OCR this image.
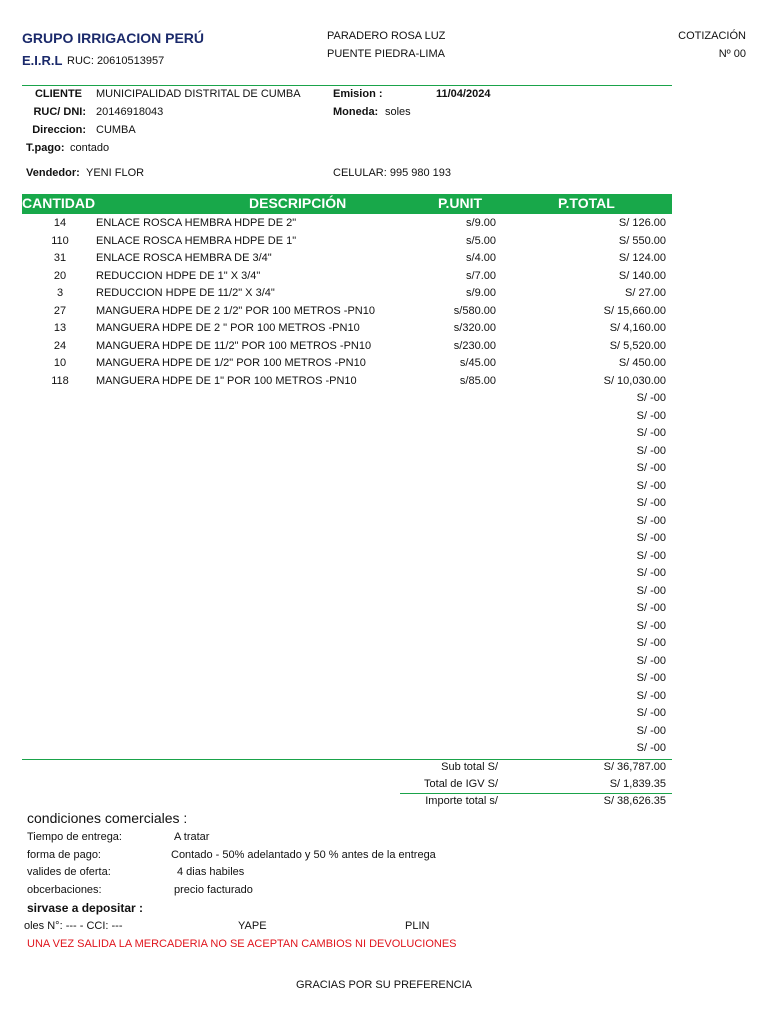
GRUPO IRRIGACION PERÚ
E.I.R.L RUC: 20610513957
PARADERO ROSA LUZ
PUENTE PIEDRA-LIMA
COTIZACIÓN
Nº 00
CLIENTE MUNICIPALIDAD DISTRITAL DE CUMBA
RUC/ DNI: 20146918043
Direccion: CUMBA
T.pago: contado
Emision :	11/04/2024
Moneda: soles
Vendedor: YENI FLOR	CELULAR: 995 980 193
CANTIDAD	DESCRIPCIÓN	P.UNIT	P.TOTAL
14	ENLACE ROSCA HEMBRA HDPE DE 2"	s/9.00	S/ 126.00
110	ENLACE ROSCA HEMBRA HDPE DE 1"	s/5.00	S/ 550.00
31	ENLACE ROSCA HEMBRA DE 3/4"	s/4.00	S/ 124.00
20	REDUCCION HDPE DE 1" X 3/4"	s/7.00	S/ 140.00
3	REDUCCION HDPE DE 11/2" X 3/4"	s/9.00	S/ 27.00
27	MANGUERA HDPE DE 2 1/2" POR 100 METROS -PN10	s/580.00	S/ 15,660.00
13	MANGUERA HDPE DE 2 " POR 100 METROS -PN10	s/320.00	S/ 4,160.00
24	MANGUERA HDPE DE 11/2" POR 100 METROS -PN10	s/230.00	S/ 5,520.00
10	MANGUERA HDPE DE 1/2" POR 100 METROS -PN10	s/45.00	S/ 450.00
118	MANGUERA HDPE DE 1" POR 100 METROS -PN10	s/85.00	S/ 10,030.00
S/ -00
S/ -00
S/ -00
S/ -00
S/ -00
S/ -00
S/ -00
S/ -00
S/ -00
S/ -00
S/ -00
S/ -00
S/ -00
S/ -00
S/ -00
S/ -00
S/ -00
S/ -00
S/ -00
S/ -00
S/ -00
Sub total S/	S/ 36,787.00
Total de IGV S/	S/ 1,839.35
Importe total s/	S/ 38,626.35
condiciones comerciales :
Tiempo de entrega:	A tratar
forma de pago:	Contado - 50% adelantado y 50 % antes de la entrega
valides de oferta:	4 dias habiles
obcerbaciones:	precio facturado
sirvase a depositar :
oles N°: --- - CCI: ---	YAPE	PLIN
UNA VEZ SALIDA LA MERCADERIA NO SE ACEPTAN CAMBIOS NI DEVOLUCIONES
GRACIAS POR SU PREFERENCIA
